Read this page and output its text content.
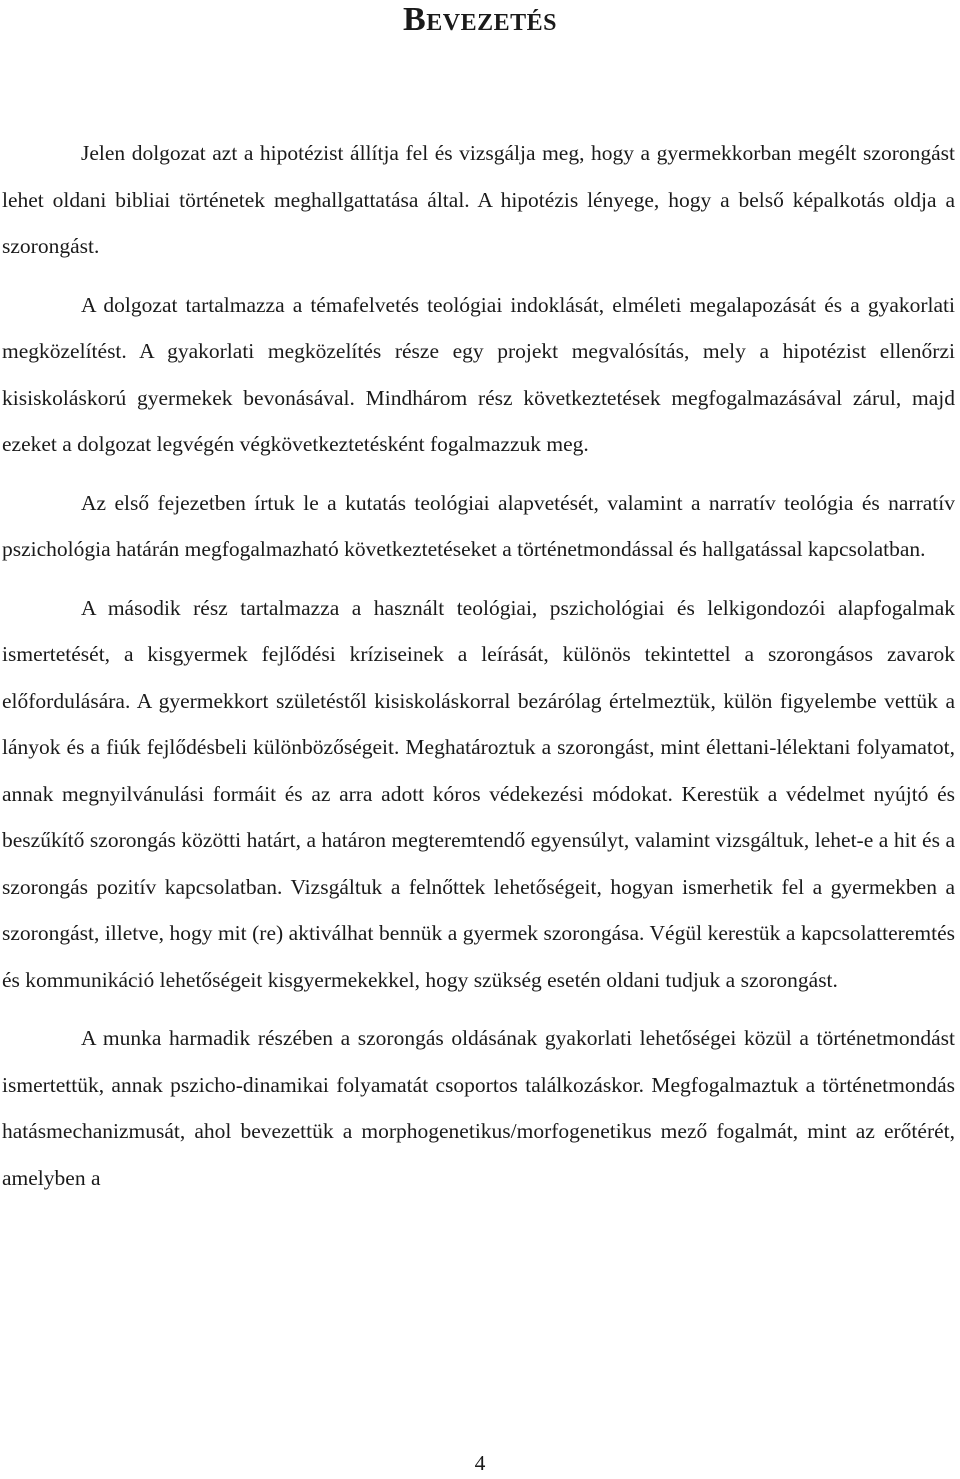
Bevezetés

Jelen dolgozat azt a hipotézist állítja fel és vizsgálja meg, hogy a gyermekkorban megélt szorongást lehet oldani bibliai történetek meghallgattatása által. A hipotézis lényege, hogy a belső képalkotás oldja a szorongást.

A dolgozat tartalmazza a témafelvetés teológiai indoklását, elméleti megalapozását és a gyakorlati megközelítést. A gyakorlati megközelítés része egy projekt megvalósítás, mely a hipotézist ellenőrzi kisiskoláskorú gyermekek bevonásával. Mindhárom rész következtetések megfogalmazásával zárul, majd ezeket a dolgozat legvégén végkövetkeztetésként fogalmazzuk meg.

Az első fejezetben írtuk le a kutatás teológiai alapvetését, valamint a narratív teológia és narratív pszichológia határán megfogalmazható következtetéseket a történetmondással és hallgatással kapcsolatban.

A második rész tartalmazza a használt teológiai, pszichológiai és lelkigondozói alapfogalmak ismertetését, a kisgyermek fejlődési kríziseinek a leírását, különös tekintettel a szorongásos zavarok előfordulására. A gyermekkort születéstől kisiskoláskorral bezárólag értelmeztük, külön figyelembe vettük a lányok és a fiúk fejlődésbeli különbözőségeit. Meghatároztuk a szorongást, mint élettani-lélektani folyamatot, annak megnyilvánulási formáit és az arra adott kóros védekezési módokat. Kerestük a védelmet nyújtó és beszűkítő szorongás közötti határt, a határon megteremtendő egyensúlyt, valamint vizsgáltuk, lehet-e a hit és a szorongás pozitív kapcsolatban. Vizsgáltuk a felnőttek lehetőségeit, hogyan ismerhetik fel a gyermekben a szorongást, illetve, hogy mit (re) aktiválhat bennük a gyermek szorongása. Végül kerestük a kapcsolatteremtés és kommunikáció lehetőségeit kisgyermekekkel, hogy szükség esetén oldani tudjuk a szorongást.

A munka harmadik részében a szorongás oldásának gyakorlati lehetőségei közül a történetmondást ismertettük, annak pszicho-dinamikai folyamatát csoportos találkozáskor. Megfogalmaztuk a történetmondás hatásmechanizmusát, ahol bevezettük a morphogenetikus/morfogenetikus mező fogalmát, mint az erőtérét, amelyben a

4
